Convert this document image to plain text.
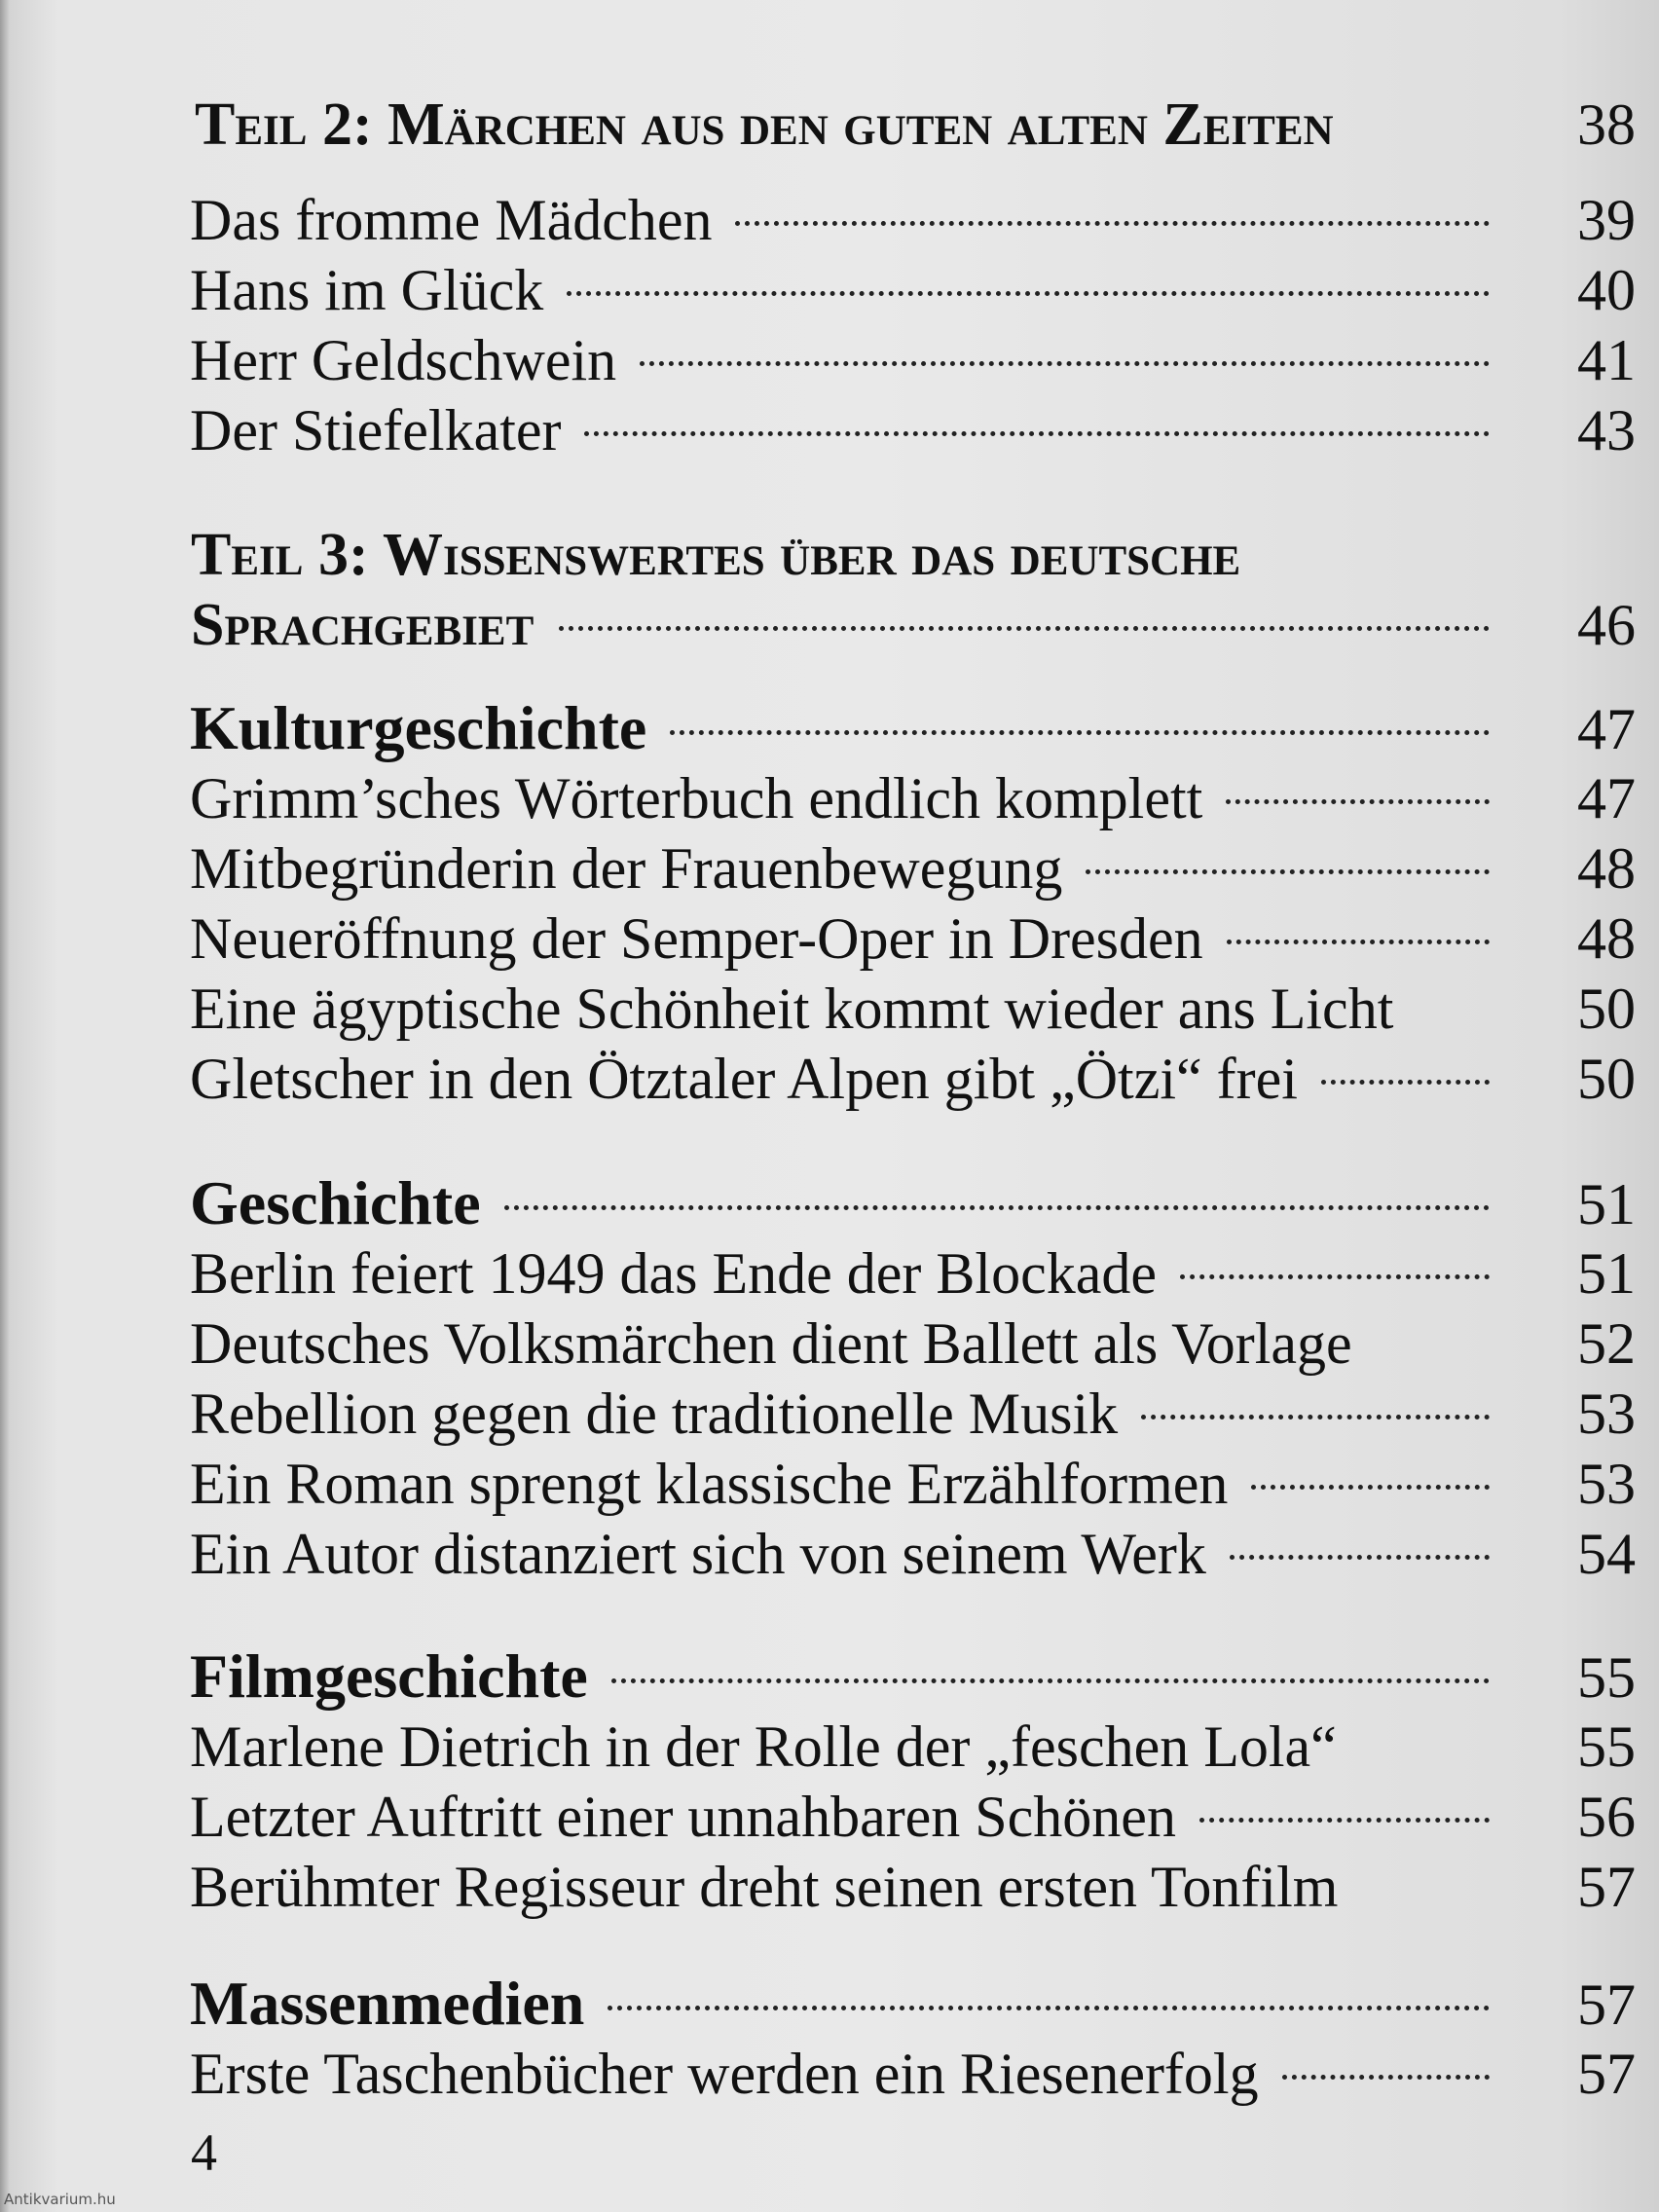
Teil 2: Märchen aus den guten alten Zeiten	38
Das fromme Mädchen	39
Hans im Glück	40
Herr Geldschwein	41
Der Stiefelkater	43
Teil 3: Wissenswertes über das deutsche
Sprachgebiet	46
Kulturgeschichte	47
Grimm’sches Wörterbuch endlich komplett	47
Mitbegründerin der Frauenbewegung	48
Neueröffnung der Semper-Oper in Dresden	48
Eine ägyptische Schönheit kommt wieder ans Licht	50
Gletscher in den Ötztaler Alpen gibt „Ötzi“ frei	50
Geschichte	51
Berlin feiert 1949 das Ende der Blockade	51
Deutsches Volksmärchen dient Ballett als Vorlage	52
Rebellion gegen die traditionelle Musik	53
Ein Roman sprengt klassische Erzählformen	53
Ein Autor distanziert sich von seinem Werk	54
Filmgeschichte	55
Marlene Dietrich in der Rolle der „feschen Lola“	55
Letzter Auftritt einer unnahbaren Schönen	56
Berühmter Regisseur dreht seinen ersten Tonfilm	57
Massenmedien	57
Erste Taschenbücher werden ein Riesenerfolg	57
4
Antikvarium.hu
